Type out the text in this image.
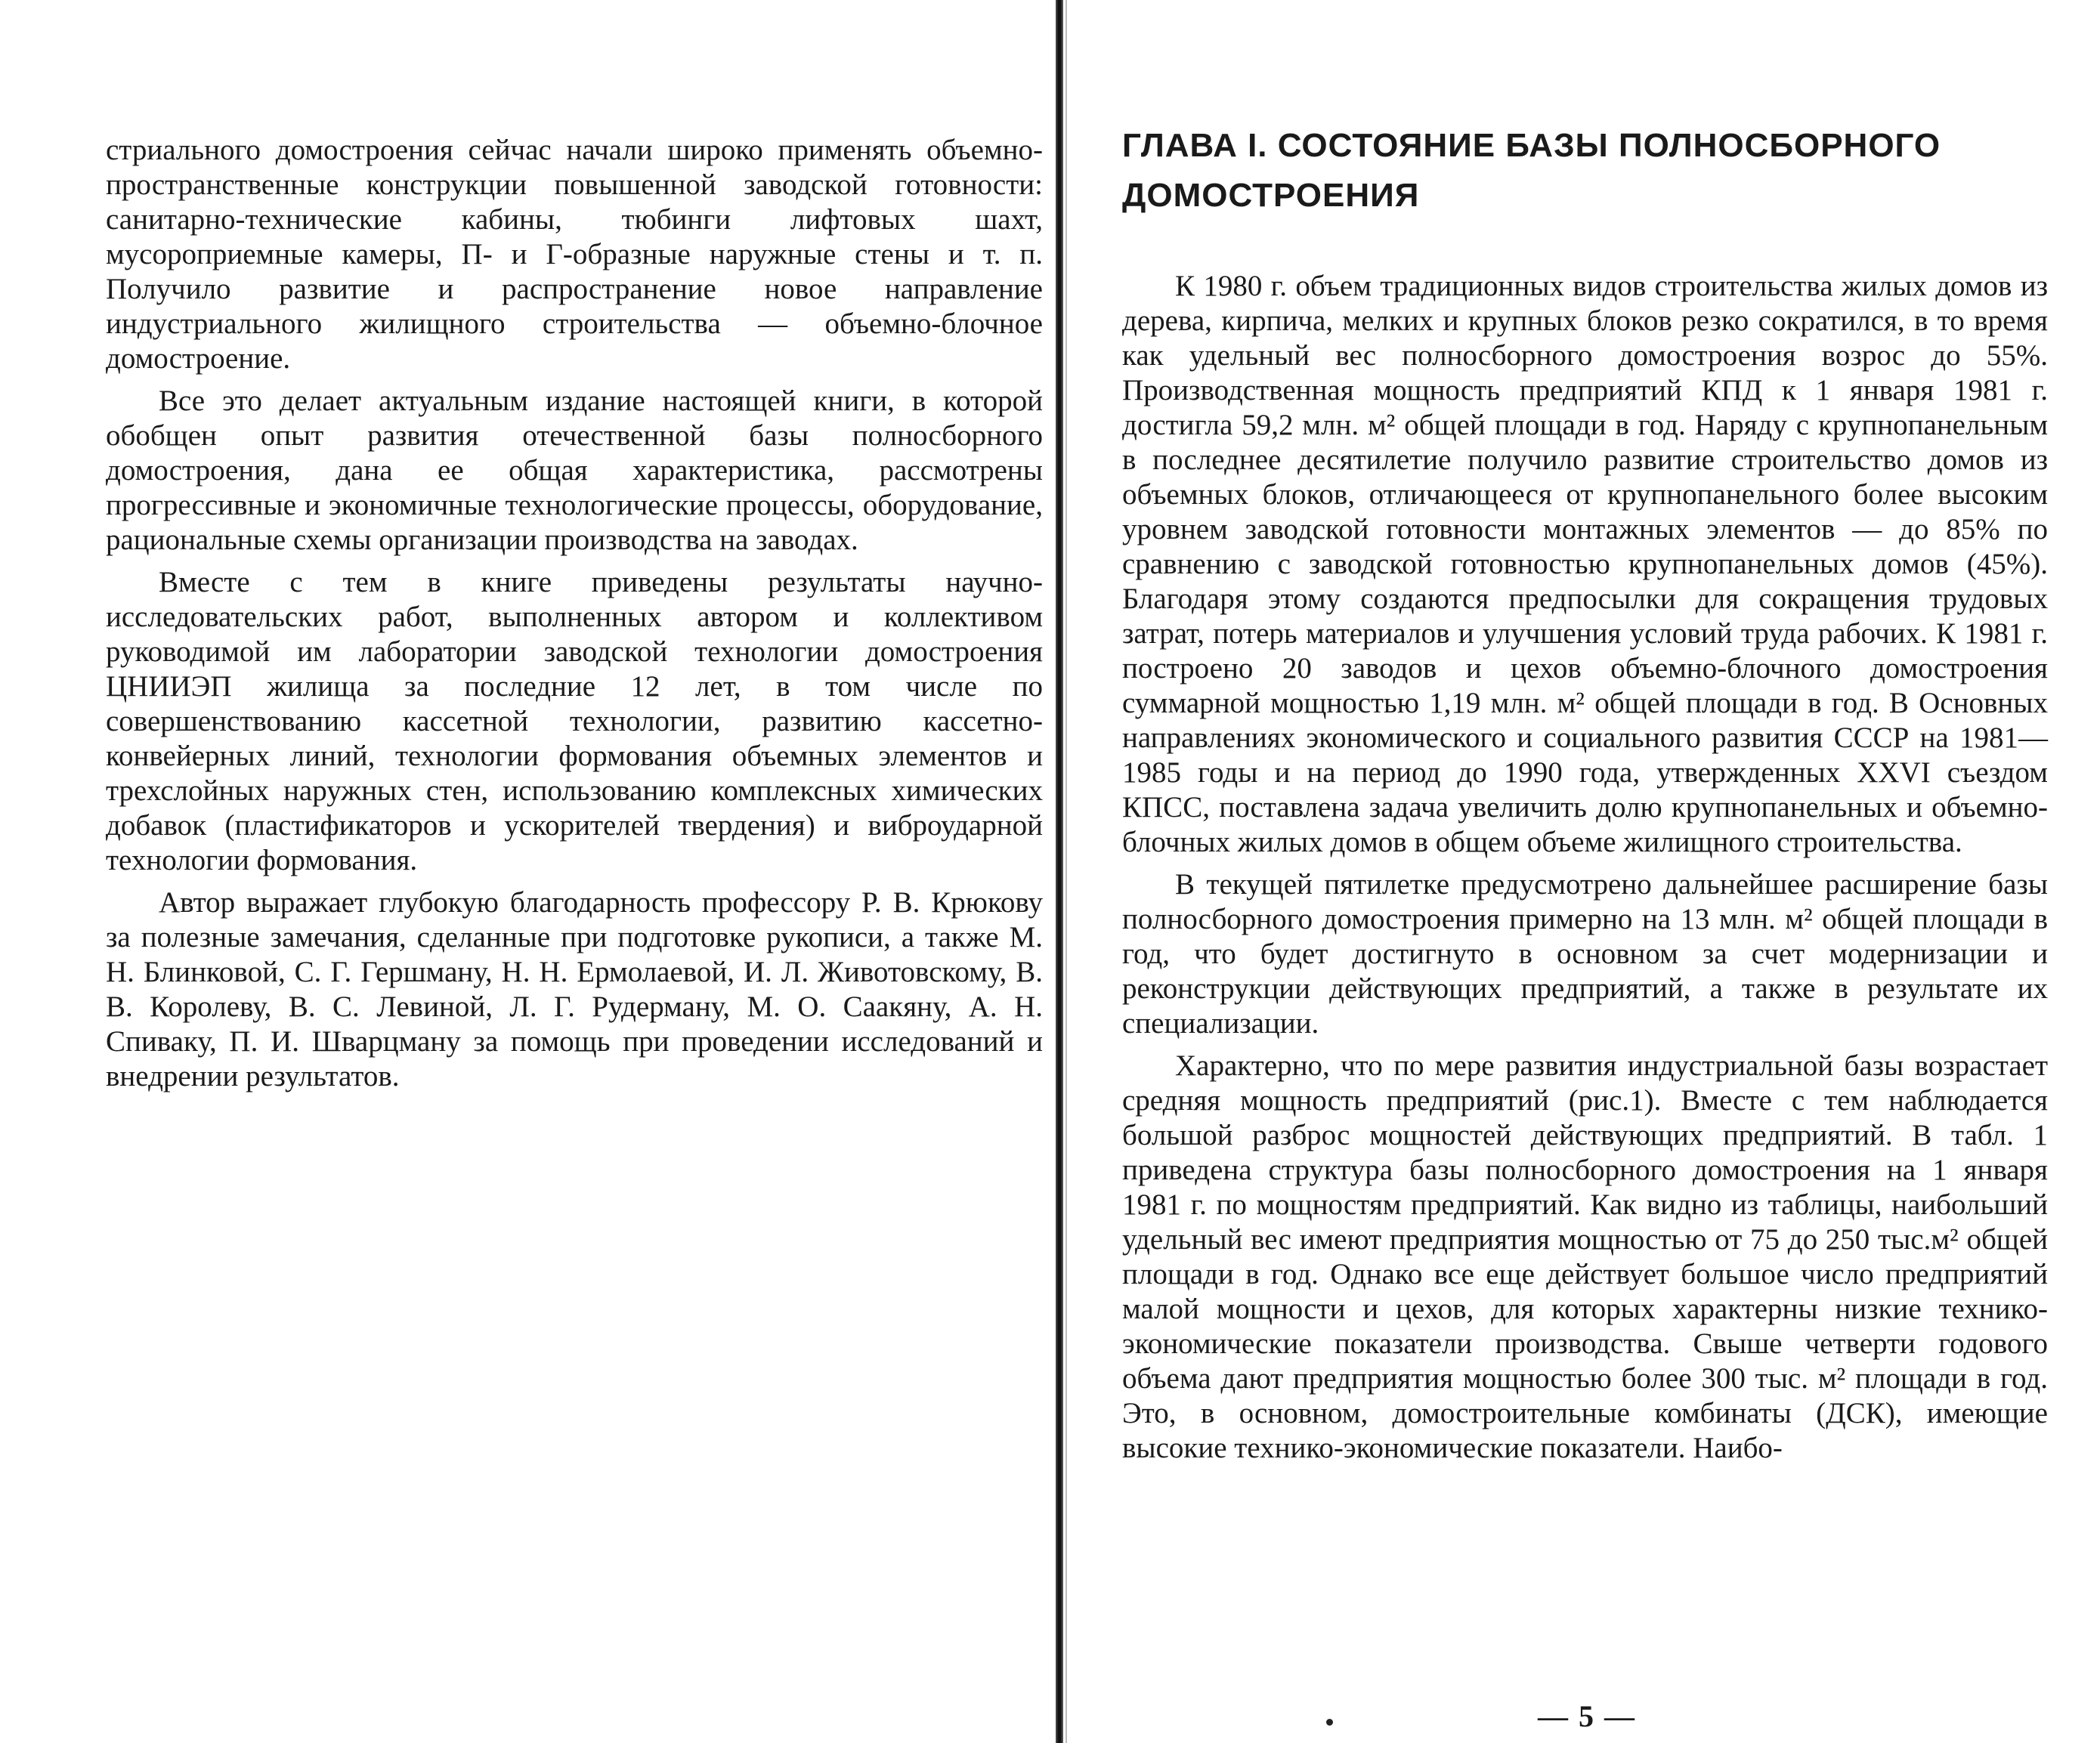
стриального домостроения сейчас начали широко применять объемно-пространственные конструкции повышенной заводской готовности: санитарно-технические кабины, тюбинги лифтовых шахт, мусороприемные камеры, П- и Г-образные наружные стены и т. п. Получило развитие и распространение новое направление индустриального жилищного строительства — объемно-блочное домостроение.

Все это делает актуальным издание настоящей книги, в которой обобщен опыт развития отечественной базы полносборного домостроения, дана ее общая характеристика, рассмотрены прогрессивные и экономичные технологические процессы, оборудование, рациональные схемы организации производства на заводах.

Вместе с тем в книге приведены результаты научно-исследовательских работ, выполненных автором и коллективом руководимой им лаборатории заводской технологии домостроения ЦНИИЭП жилища за последние 12 лет, в том числе по совершенствованию кассетной технологии, развитию кассетно-конвейерных линий, технологии формования объемных элементов и трехслойных наружных стен, использованию комплексных химических добавок (пластификаторов и ускорителей твердения) и виброударной технологии формования.

Автор выражает глубокую благодарность профессору Р. В. Крюкову за полезные замечания, сделанные при подготовке рукописи, а также М. Н. Блинковой, С. Г. Гершману, Н. Н. Ермолаевой, И. Л. Животовскому, В. В. Королеву, В. С. Левиной, Л. Г. Рудерману, М. О. Саакяну, А. Н. Спиваку, П. И. Шварцману за помощь при проведении исследований и внедрении результатов.

ГЛАВА I. СОСТОЯНИЕ БАЗЫ ПОЛНОСБОРНОГО ДОМОСТРОЕНИЯ

К 1980 г. объем традиционных видов строительства жилых домов из дерева, кирпича, мелких и крупных блоков резко сократился, в то время как удельный вес полносборного домостроения возрос до 55%. Производственная мощность предприятий КПД к 1 января 1981 г. достигла 59,2 млн. м² общей площади в год. Наряду с крупнопанельным в последнее десятилетие получило развитие строительство домов из объемных блоков, отличающееся от крупнопанельного более высоким уровнем заводской готовности монтажных элементов — до 85% по сравнению с заводской готовностью крупнопанельных домов (45%). Благодаря этому создаются предпосылки для сокращения трудовых затрат, потерь материалов и улучшения условий труда рабочих. К 1981 г. построено 20 заводов и цехов объемно-блочного домостроения суммарной мощностью 1,19 млн. м² общей площади в год. В Основных направлениях экономического и социального развития СССР на 1981—1985 годы и на период до 1990 года, утвержденных XXVI съездом КПСС, поставлена задача увеличить долю крупнопанельных и объемно-блочных жилых домов в общем объеме жилищного строительства.

В текущей пятилетке предусмотрено дальнейшее расширение базы полносборного домостроения примерно на 13 млн. м² общей площади в год, что будет достигнуто в основном за счет модернизации и реконструкции действующих предприятий, а также в результате их специализации.

Характерно, что по мере развития индустриальной базы возрастает средняя мощность предприятий (рис.1). Вместе с тем наблюдается большой разброс мощностей действующих предприятий. В табл. 1 приведена структура базы полносборного домостроения на 1 января 1981 г. по мощностям предприятий. Как видно из таблицы, наибольший удельный вес имеют предприятия мощностью от 75 до 250 тыс.м² общей площади в год. Однако все еще действует большое число предприятий малой мощности и цехов, для которых характерны низкие технико-экономические показатели производства. Свыше четверти годового объема дают предприятия мощностью более 300 тыс. м² площади в год. Это, в основном, домостроительные комбинаты (ДСК), имеющие высокие технико-экономические показатели. Наибо-

— 5 —
